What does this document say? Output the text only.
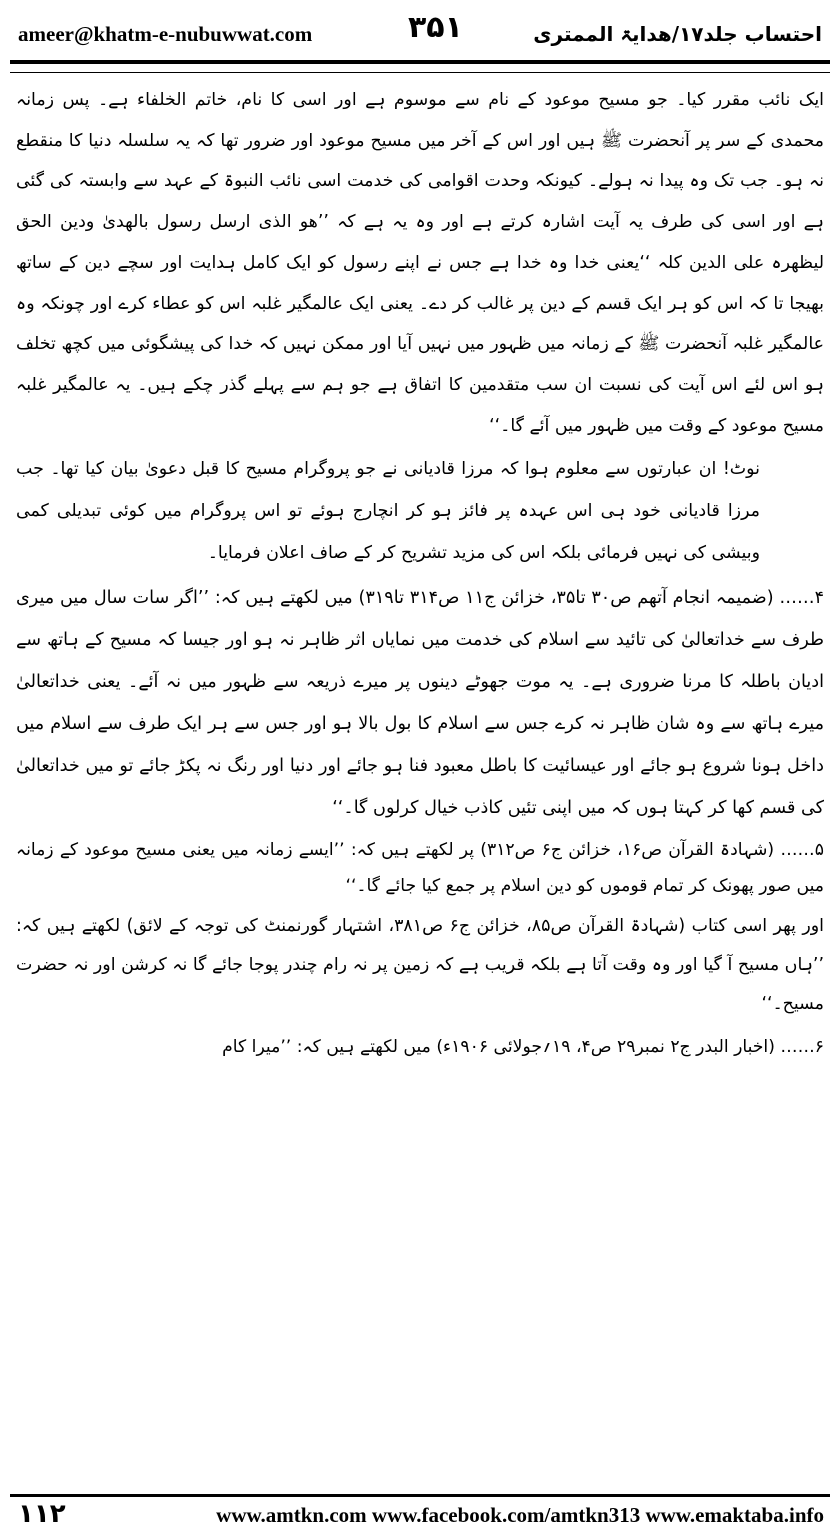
ameer@khatm-e-nubuwwat.com	۳۵۱	احتساب جلد۱۷/ھدایۃ الممتری

ایک نائب مقرر کیا۔ جو مسیح موعود کے نام سے موسوم ہے اور اسی کا نام، خاتم الخلفاء ہے۔ پس زمانہ محمدی کے سر پر آنحضرت ﷺ ہیں اور اس کے آخر میں مسیح موعود اور ضرور تھا کہ یہ سلسلہ دنیا کا منقطع نہ ہو۔ جب تک وہ پیدا نہ ہولے۔ کیونکہ وحدت اقوامی کی خدمت اسی نائب النبوۃ کے عہد سے وابستہ کی گئی ہے اور اسی کی طرف یہ آیت اشارہ کرتے ہے اور وہ یہ ہے کہ ’’ھو الذی ارسل رسول بالھدیٰ ودین الحق لیظھرہ علی الدین کلہ ‘‘یعنی خدا وہ خدا ہے جس نے اپنے رسول کو ایک کامل ہدایت اور سچے دین کے ساتھ بھیجا تا کہ اس کو ہر ایک قسم کے دین پر غالب کر دے۔ یعنی ایک عالمگیر غلبہ اس کو عطاء کرے اور چونکہ وہ عالمگیر غلبہ آنحضرت ﷺ کے زمانہ میں ظہور میں نہیں آیا اور ممکن نہیں کہ خدا کی پیشگوئی میں کچھ تخلف ہو اس لئے اس آیت کی نسبت ان سب متقدمین کا اتفاق ہے جو ہم سے پہلے گذر چکے ہیں۔ یہ عالمگیر غلبہ مسیح موعود کے وقت میں ظہور میں آئے گا۔‘‘

نوٹ! ان عبارتوں سے معلوم ہوا کہ مرزا قادیانی نے جو پروگرام مسیح کا قبل دعویٰ بیان کیا تھا۔ جب مرزا قادیانی خود ہی اس عہدہ پر فائز ہو کر انچارج ہوئے تو اس پروگرام میں کوئی تبدیلی کمی وبیشی کی نہیں فرمائی بلکہ اس کی مزید تشریح کر کے صاف اعلان فرمایا۔

۴…… (ضمیمہ انجام آتھم ص۳۰ تا۳۵، خزائن ج۱۱ ص۳۱۴ تا۳۱۹) میں لکھتے ہیں کہ: ’’اگر سات سال میں میری طرف سے خداتعالیٰ کی تائید سے اسلام کی خدمت میں نمایاں اثر ظاہر نہ ہو اور جیسا کہ مسیح کے ہاتھ سے ادیان باطلہ کا مرنا ضروری ہے۔ یہ موت جھوٹے دینوں پر میرے ذریعہ سے ظہور میں نہ آئے۔ یعنی خداتعالیٰ میرے ہاتھ سے وہ شان ظاہر نہ کرے جس سے اسلام کا بول بالا ہو اور جس سے ہر ایک طرف سے اسلام میں داخل ہونا شروع ہو جائے اور عیسائیت کا باطل معبود فنا ہو جائے اور دنیا اور رنگ نہ پکڑ جائے تو میں خداتعالیٰ کی قسم کھا کر کہتا ہوں کہ میں اپنی تئیں کاذب خیال کرلوں گا۔‘‘

۵…… (شہادۃ القرآن ص۱۶، خزائن ج۶ ص۳۱۲) پر لکھتے ہیں کہ: ’’ایسے زمانہ میں یعنی مسیح موعود کے زمانہ میں صور پھونک کر تمام قوموں کو دین اسلام پر جمع کیا جائے گا۔‘‘

اور پھر اسی کتاب (شہادۃ القرآن ص۸۵، خزائن ج۶ ص۳۸۱، اشتہار گورنمنٹ کی توجہ کے لائق) لکھتے ہیں کہ: ’’ہاں مسیح آ گیا اور وہ وقت آتا ہے بلکہ قریب ہے کہ زمین پر نہ رام چندر پوجا جائے گا نہ کرشن اور نہ حضرت مسیح۔‘‘

۶…… (اخبار البدر ج۲ نمبر۲۹ ص۴، ۱۹؍جولائی ۱۹۰۶ء) میں لکھتے ہیں کہ: ’’میرا کام

۱۱۲	www.amtkn.com www.facebook.com/amtkn313 www.emaktaba.info
